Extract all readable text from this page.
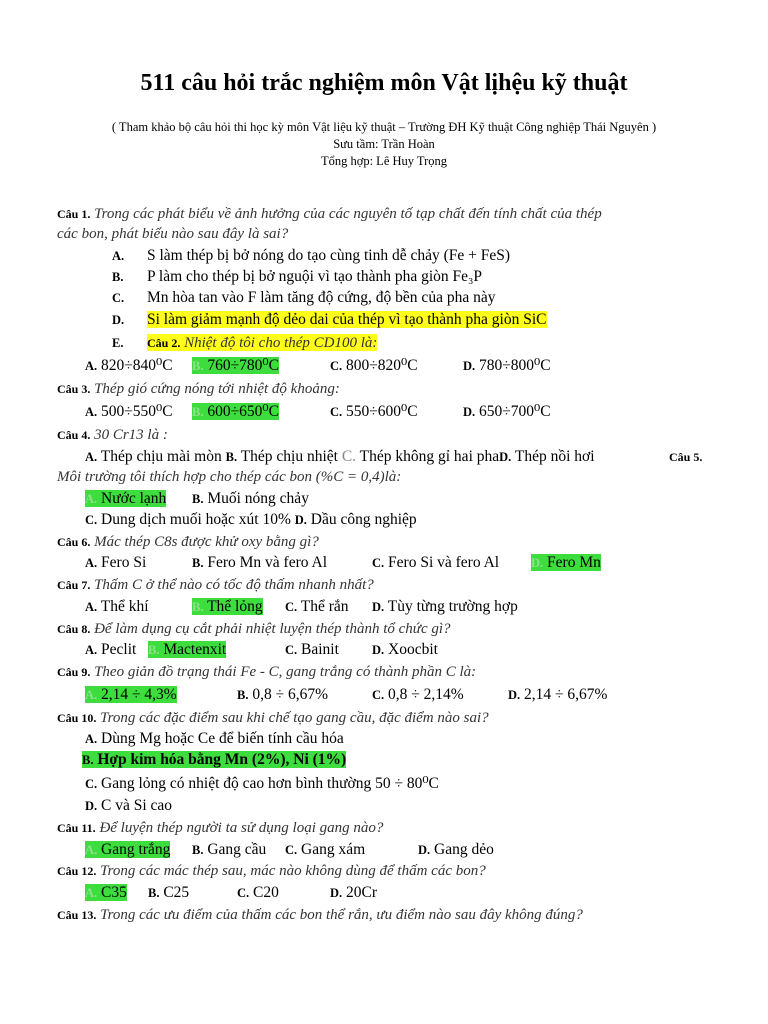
511 câu hỏi trắc nghiệm môn Vật lịhệu kỹ thuật
( Tham khảo bộ câu hỏi thi học kỳ môn Vật liệu kỹ thuật – Trường ĐH Kỹ thuật Công nghiệp Thái Nguyên )
Sưu tầm: Trần Hoàn
Tổng hợp: Lê Huy Trọng
Câu 1. Trong các phát biểu về ảnh hưởng của các nguyên tố tạp chất đến tính chất của thép
các bon, phát biểu nào sau đây là sai?
A. S làm thép bị bở nóng do tạo cùng tinh dễ chảy (Fe + FeS)
B. P làm cho thép bị bở nguội vì tạo thành pha giòn Fe₃P
C. Mn hòa tan vào F làm tăng độ cứng, độ bền của pha này
D. Si làm giảm mạnh độ dẻo dai của thép vì tạo thành pha giòn SiC
E. Câu 2. Nhiệt độ tôi cho thép CD100 là:
A. 820÷840⁰C B. 760÷780⁰C	C. 800÷820⁰C	D. 780÷800⁰C
Câu 3. Thép gió cứng nóng tới nhiệt độ khoảng:
A. 500÷550⁰C B. 600÷650⁰C	C. 550÷600⁰C	D. 650÷700⁰C
Câu 4. 30 Cr13 là :
A. Thép chịu mài mòn B. Thép chịu nhiệt C. Thép không gỉ hai phaD. Thép nồi hơi	Câu 5.
Môi trường tôi thích hợp cho thép các bon (%C = 0,4)là:
A. Nước lạnh B. Muối nóng chảy
C. Dung dịch muối hoặc xút 10% D. Dầu công nghiệp
Câu 6. Mác thép C8s được khử oxy bằng gì?
A. Fero Si	B. Fero Mn và fero Al	C. Fero Si và fero Al	D. Fero Mn
Câu 7. Thấm C ở thể nào có tốc độ thấm nhanh nhất?
A. Thể khí	B. Thể lỏng C. Thể rắn D. Tùy từng trường hợp
Câu 8. Để làm dụng cụ cắt phải nhiệt luyện thép thành tổ chức gì?
A. Peclit B. Mactenxit	C. Bainit	D. Xoocbit
Câu 9. Theo giản đồ trạng thái Fe - C, gang trắng có thành phần C là:
A. 2,14 ÷ 4,3%	B. 0,8 ÷ 6,67%	C. 0,8 ÷ 2,14%	D. 2,14 ÷ 6,67%
Câu 10. Trong các đặc điểm sau khi chế tạo gang cầu, đặc điểm nào sai?
A. Dùng Mg hoặc Ce để biến tính cầu hóa
B. Hợp kim hóa bằng Mn (2%), Ni (1%)
C. Gang lỏng có nhiệt độ cao hơn bình thường 50 ÷ 80⁰C
D. C và Si cao
Câu 11. Để luyện thép người ta sử dụng loại gang nào?
A. Gang trắng B. Gang cầu C. Gang xám	D. Gang dẻo
Câu 12. Trong các mác thép sau, mác nào không dùng để thấm các bon?
A. C35 B. C25	C. C20	D. 20Cr
Câu 13. Trong các ưu điểm của thấm các bon thể rắn, ưu điểm nào sau đây không đúng?
